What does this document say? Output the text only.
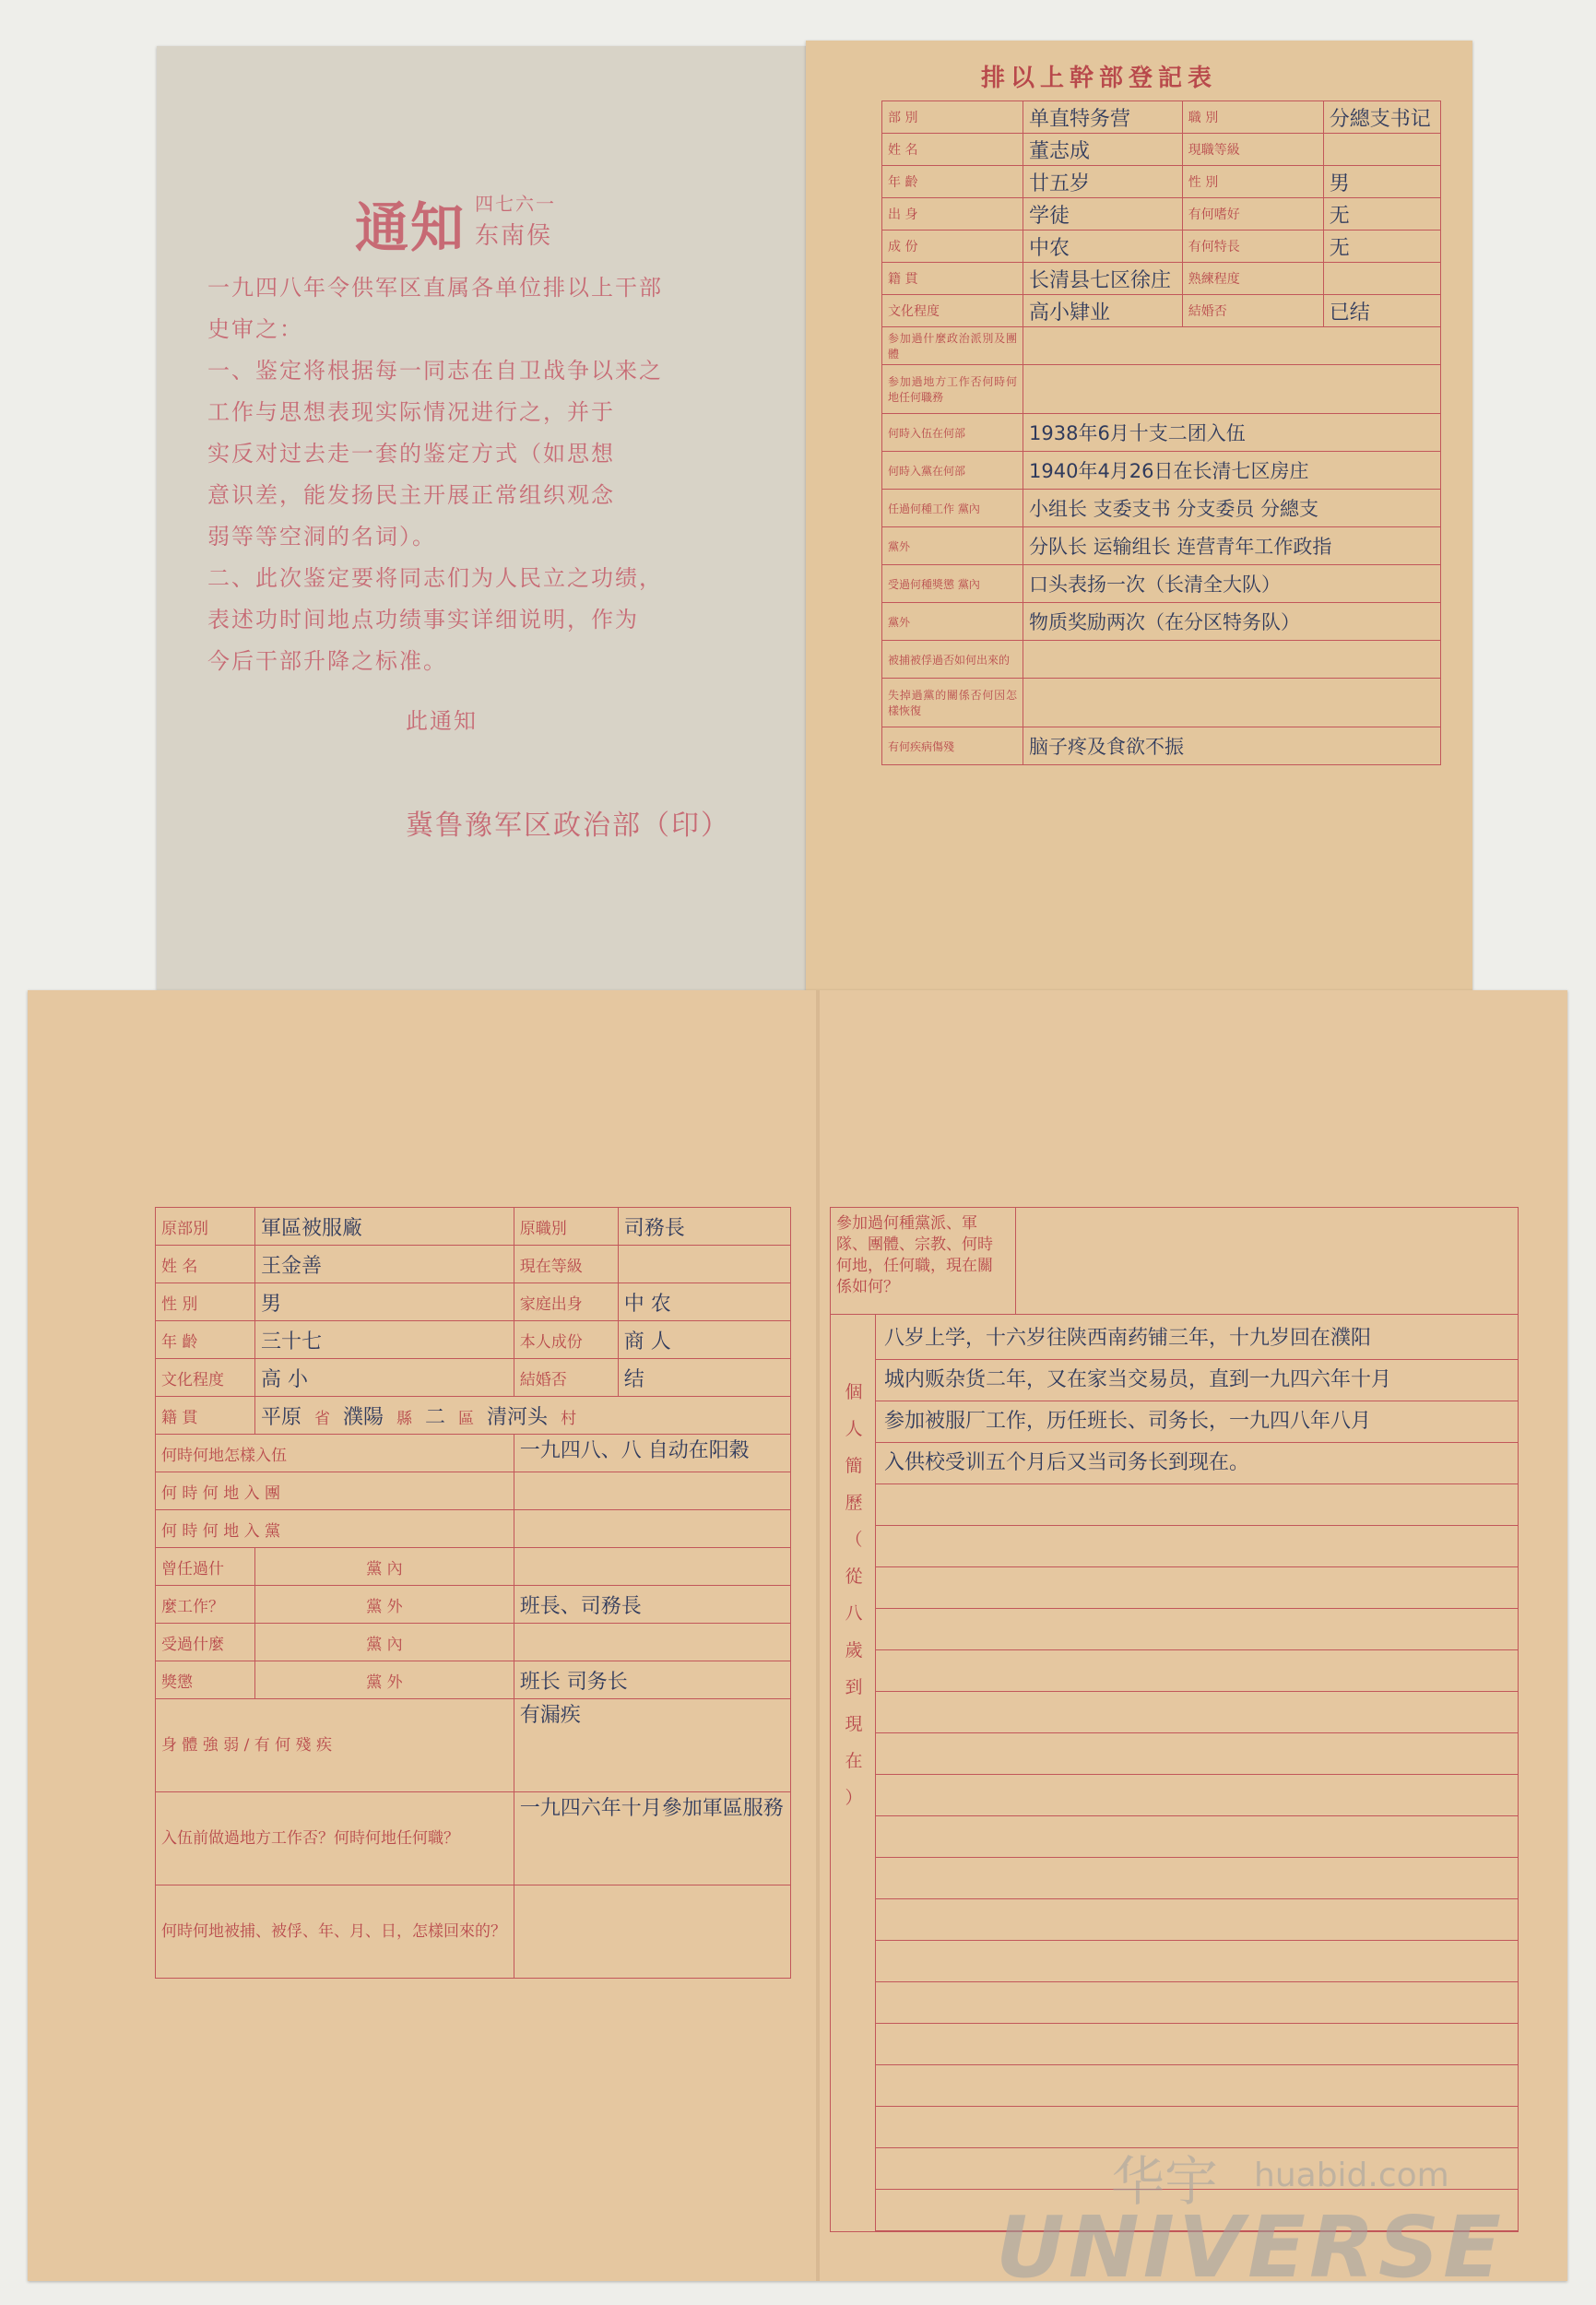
通知 四七六一
东南侯
一九四八年令供军区直属各单位排以上干部
史审之：
一、鉴定将根据每一同志在自卫战争以来之
工作与思想表现实际情况进行之，并于
实反对过去走一套的鉴定方式（如思想
意识差，能发扬民主开展正常组织观念
弱等等空洞的名词）。
二、此次鉴定要将同志们为人民立之功绩，
表述功时间地点功绩事实详细说明，作为
今后干部升降之标准。
此通知
冀鲁豫军区政治部（印）
排以上幹部登記表
部 別	单直特务营	職 別	分總支书记
姓 名	董志成	現職等級	
年 齡	廿五岁	性 別	男
出 身	学徒	有何嗜好	无
成 份	中农	有何特長	无
籍 貫	长清县七区徐庄	熟練程度	
文化程度	高小肄业	結婚否	已结
参加過什麼政治派別及團體			
参加過地方工作否何時何地任何職務			
何時入伍在何部	1938年6月十支二团入伍		
何時入黨在何部	1940年4月26日在长清七区房庄		
任過何種工作 黨內	小组长 支委支书 分支委员 分總支		
黨外	分队长 运输组长 连营青年工作政指		
受過何種獎懲 黨內	口头表扬一次（长清全大队）		
黨外	物质奖励两次（在分区特务队）		
被捕被俘過否如何出來的			
失掉過黨的關係否何因怎樣恢復			
有何疾病傷殘	脑子疼及食欲不振		
原部別	軍區被服廠	原職別	司務長
姓 名	王金善	現在等級	
性 別	男	家庭出身	中 农
年 齡	三十七	本人成份	商 人
文化程度	高 小	結婚否	结
籍 貫	平原 省 濮陽 縣 二 區 清河头 村		
何時何地怎樣入伍		一九四八、八 自动在阳穀	
何 時 何 地 入 團			
何 時 何 地 入 黨			
曾任過什	黨 內		
麼工作？	黨 外	班長、司務長	
受過什麼	黨 內		
獎懲	黨 外	班长 司务长	
身 體 強 弱 / 有 何 殘 疾		有漏疾	
入伍前做過地方工作否？何時何地任何職？		一九四六年十月參加軍區服務	
何時何地被捕、被俘、年、月、日，怎樣回來的？			
參加過何種黨派、軍隊、團體、宗教、何時何地，任何職，現在關係如何？
個 人 簡 歷 （ 從 八 歲 到 現 在 ）
八岁上学，十六岁往陕西南药铺三年，十九岁回在濮阳
城内贩杂货二年，又在家当交易员，直到一九四六年十月
参加被服厂工作，历任班长、司务长，一九四八年八月
入供校受训五个月后又当司务长到现在。
华宇 huabid.com
UNIVERSE
